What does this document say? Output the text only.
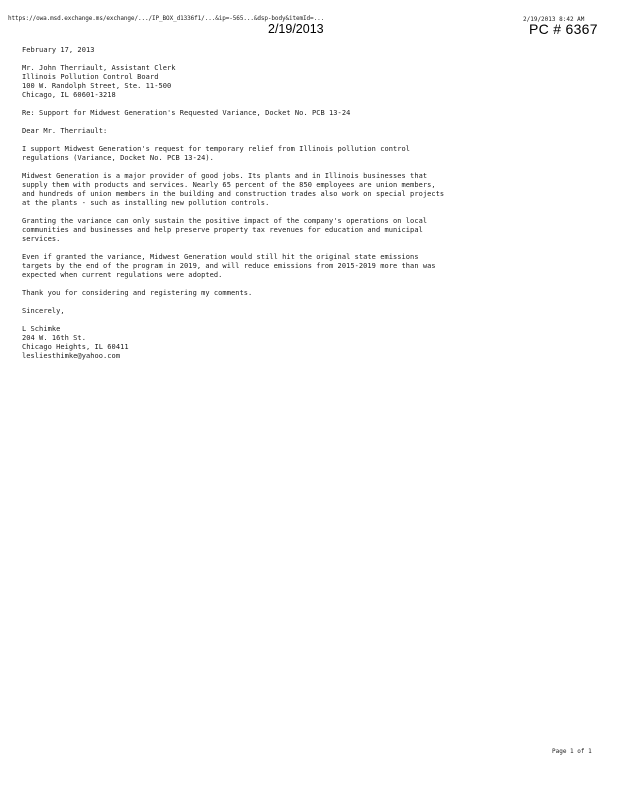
https://owa.msd.exchange.ms/exchange/.../IP_BOX_d1336f1/...&ip=-565...&dsp-body&itemId=...	2/19/2013 8:42 AM
2/19/2013	PC # 6367
February 17, 2013
Mr. John Therriault, Assistant Clerk
Illinois Pollution Control Board
100 W. Randolph Street, Ste. 11-500
Chicago, IL 60601-3218
Re: Support for Midwest Generation's Requested Variance, Docket No. PCB 13-24
Dear Mr. Therriault:
I support Midwest Generation's request for temporary relief from Illinois pollution control
regulations (Variance, Docket No. PCB 13-24).
Midwest Generation is a major provider of good jobs. Its plants and in Illinois businesses that
supply them with products and services. Nearly 65 percent of the 850 employees are union members,
and hundreds of union members in the building and construction trades also work on special projects
at the plants - such as installing new pollution controls.
Granting the variance can only sustain the positive impact of the company's operations on local
communities and businesses and help preserve property tax revenues for education and municipal
services.
Even if granted the variance, Midwest Generation would still hit the original state emissions
targets by the end of the program in 2019, and will reduce emissions from 2015-2019 more than was
expected when current regulations were adopted.
Thank you for considering and registering my comments.
Sincerely,
L Schimke
204 W. 16th St.
Chicago Heights, IL 60411
lesliesthimke@yahoo.com
Page 1 of 1
